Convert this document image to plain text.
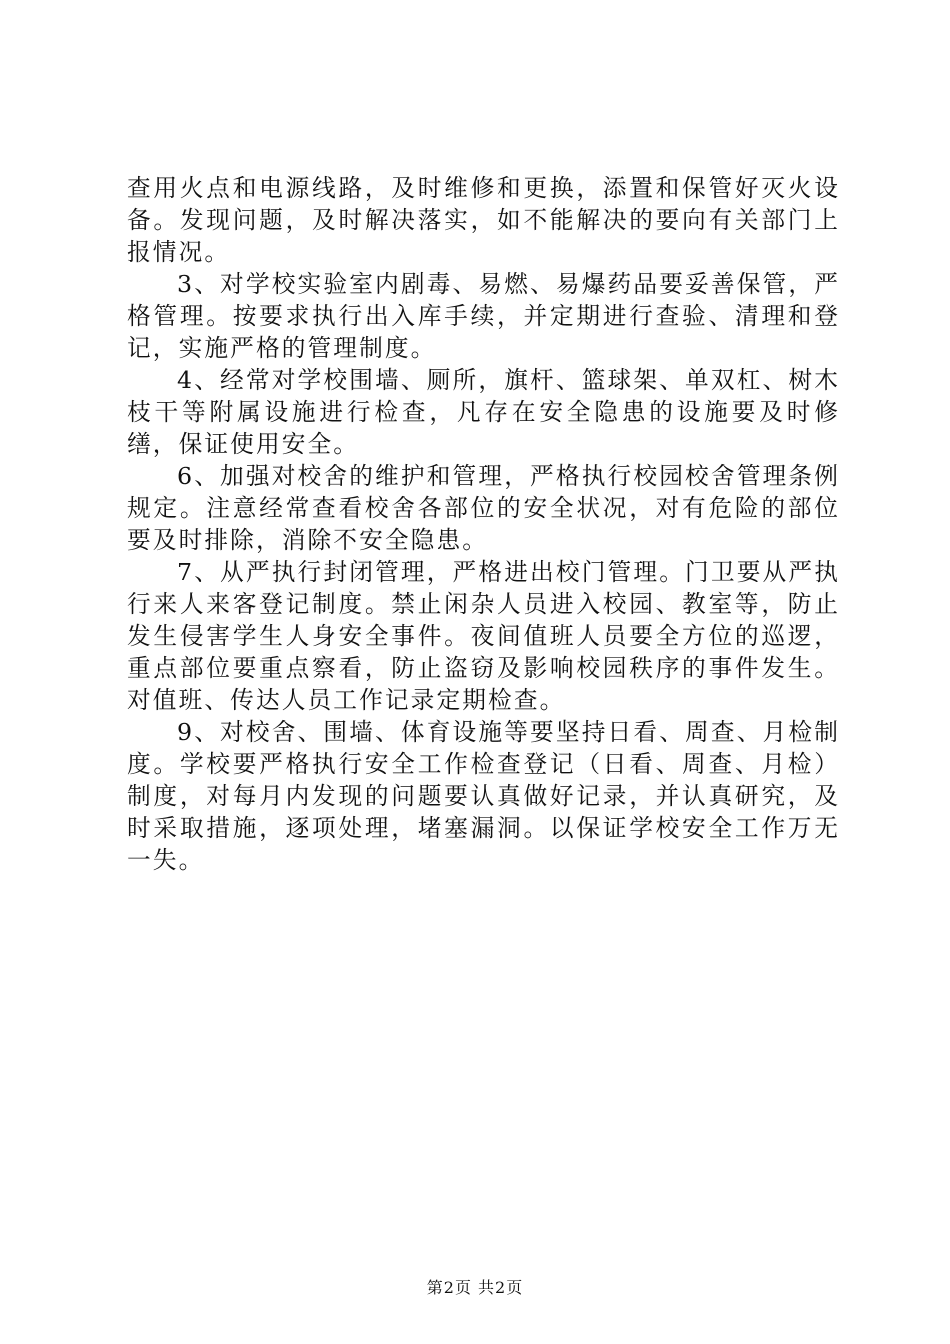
查用火点和电源线路，及时维修和更换，添置和保管好灭火设备。发现问题，及时解决落实，如不能解决的要向有关部门上报情况。

3、对学校实验室内剧毒、易燃、易爆药品要妥善保管，严格管理。按要求执行出入库手续，并定期进行查验、清理和登记，实施严格的管理制度。

4、经常对学校围墙、厕所，旗杆、篮球架、单双杠、树木枝干等附属设施进行检查，凡存在安全隐患的设施要及时修缮，保证使用安全。

6、加强对校舍的维护和管理，严格执行校园校舍管理条例规定。注意经常查看校舍各部位的安全状况，对有危险的部位要及时排除，消除不安全隐患。

7、从严执行封闭管理，严格进出校门管理。门卫要从严执行来人来客登记制度。禁止闲杂人员进入校园、教室等，防止发生侵害学生人身安全事件。夜间值班人员要全方位的巡逻，重点部位要重点察看，防止盗窃及影响校园秩序的事件发生。对值班、传达人员工作记录定期检查。

9、对校舍、围墙、体育设施等要坚持日看、周查、月检制度。学校要严格执行安全工作检查登记（日看、周查、月检）制度，对每月内发现的问题要认真做好记录，并认真研究，及时采取措施，逐项处理，堵塞漏洞。以保证学校安全工作万无一失。

第2页 共2页
